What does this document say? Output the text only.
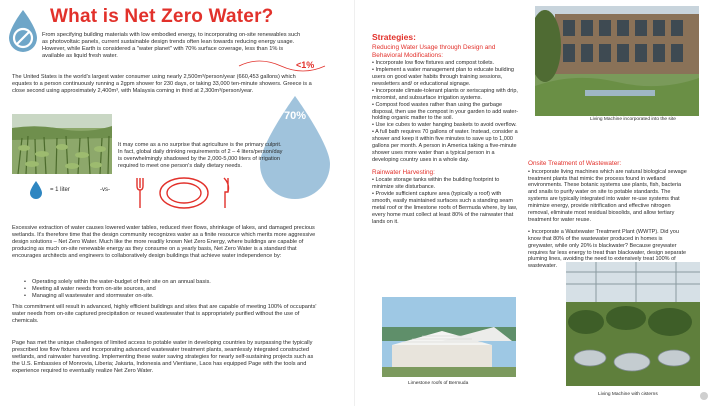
What is Net Zero Water?

From specifying building materials with low embodied energy, to incorporating on-site renewables such as photovoltaic panels, current sustainable design trends often lean towards reducing energy usage. However, while Earth is considered a "water planet" with 70% surface coverage, less than 1% is available as liquid fresh water.

<1%

The United States is the world's largest water consumer using nearly 2,500m³/person/year (660,453 gallons) which equates to a person continuously running a 2gpm shower for 230 days, or taking 33,000 ten-minute showers. Greece is a close second using approximately 2,400m³, with Malaysia coming in third at 2,300m³/person/year.

70%

It may come as a no surprise that agriculture is the primary culprit. In fact, global daily drinking requirements of 2 – 4 liters/person/day is overwhelmingly shadowed by the 2,000-5,000 liters of irrigation required to meet one person's daily dietary needs.

= 1 liter	-vs-

Excessive extraction of water causes lowered water tables, reduced river flows, shrinkage of lakes, and damaged precious wetlands. It's therefore time that the design community recognizes water as a finite resource which merits more aggressive design solutions – Net Zero Water. Much like the more readily known Net Zero Energy, where buildings are capable of producing as much on-site renewable energy as they consume on a yearly basis, Net Zero Water is a standard that encourages architects and engineers to collaboratively design buildings that achieve water independence by:

• Operating solely within the water-budget of their site on an annual basis.
• Meeting all water needs from on-site sources, and
• Managing all wastewater and stormwater on-site.

This commitment will result in advanced, highly efficient buildings and sites that are capable of meeting 100% of occupants' water needs from on-site captured precipitation or reused wastewater that is appropriately purified without the use of chemicals.

Page has met the unique challenges of limited access to potable water in developing countries by surpassing the typically prescribed low flow fixtures and incorporating advanced wastewater treatment plants, seamlessly integrated constructed wetlands, and rainwater harvesting. Implementing these water saving strategies for nearly self-sustaining projects such as the U.S. Embassies of Monrovia, Liberia; Jakarta, Indonesia and Vientiane, Laos has equipped Page with the tools and experience required to eventually realize Net Zero Water.

Strategies:
Reducing Water Usage through Design and Behavioral Modifications:

• Incorporate low flow fixtures and compost toilets.

• Implement a water management plan to educate building users on good water habits through training sessions, newsletters and/ or educational signage.

• Incorporate climate-tolerant plants or xeriscaping with drip, micromist, and subsurface irrigation systems.

• Compost food wastes rather than using the garbage disposal, then use the compost in your garden to add water-holding organic matter to the soil.

• Use ice cubes to water hanging baskets to avoid overflow.

• A full bath requires 70 gallons of water. Instead, consider a shower and keep it within five minutes to save up to 1,000 gallons per month. A person in America taking a five-minute shower uses more water than a typical person in a developing country uses in a whole day.

Rainwater Harvesting:

• Locate storage tanks within the building footprint to minimize site disturbance.

• Provide sufficient capture area (typically a roof) with smooth, easily maintained surfaces such a standing seam metal roof or the limestone roofs of Bermuda where, by law, every home must collect at least 80% of the rainwater that lands on it.

Living Machine incorporated into the site
Onsite Treatment of Wastewater:

• Incorporate living machines which are natural biological sewage treatment plants that mimic the process found in wetland environments. These botanic systems use plants, fish, bacteria and snails to purify water on site to potable standards. The systems are typically integrated into water re-use systems that minimize energy, provide nitrification and effective nitrogen removal, eliminate most residual biosolids, and allow tertiary treatment for water reuse.

• Incorporate a Wastewater Treatment Plant (WWTP). Did you know that 80% of the wastewater produced in homes is greywater, while only 20% is blackwater? Because greywater requires far less energy to treat than blackwater, design separate pluming lines, avoiding the need to extensively treat 100% of wastewater.

Limestone roofs of Bermuda
Living Machine with cisterns
